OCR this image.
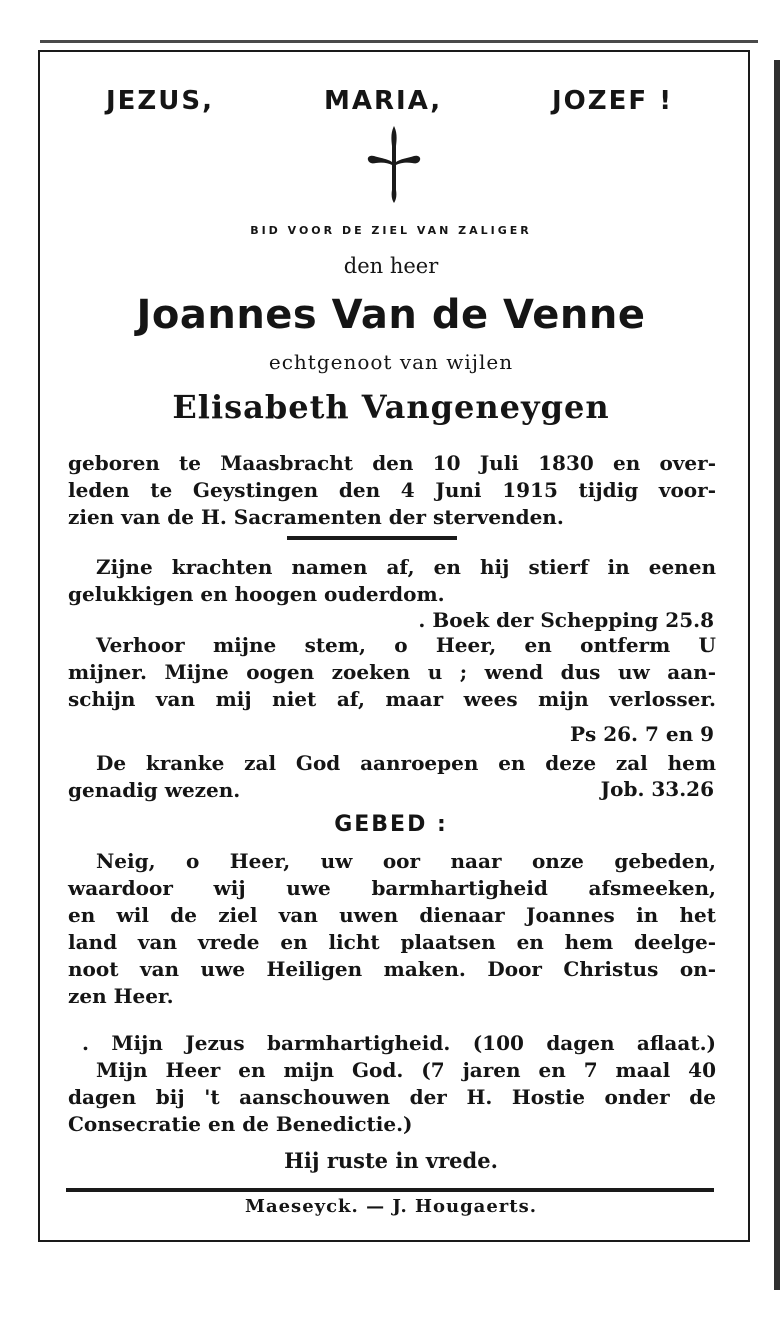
JEZUS,	MARIA,	JOZEF !
BID VOOR DE ZIEL VAN ZALIGER
den heer
Joannes Van de Venne
echtgenoot van wijlen
Elisabeth Vangeneygen
geboren te Maasbracht den 10 Juli 1830 en over-
leden te Geystingen den 4 Juni 1915 tijdig voor-
zien van de H. Sacramenten der stervenden.
Zijne krachten namen af, en hij stierf in eenen
gelukkigen en hoogen ouderdom.
. Boek der Schepping 25.8
Verhoor mijne stem, o Heer, en ontferm U
mijner. Mijne oogen zoeken u ; wend dus uw aan-
schijn van mij niet af, maar wees mijn verlosser.
Ps 26. 7 en 9
De kranke zal God aanroepen en deze zal hem
genadig wezen.	Job. 33.26
GEBED :
Neig, o Heer, uw oor naar onze gebeden,
waardoor wij uwe barmhartigheid afsmeeken,
en wil de ziel van uwen dienaar Joannes in het
land van vrede en licht plaatsen en hem deelge-
noot van uwe Heiligen maken. Door Christus on-
zen Heer.
. Mijn Jezus barmhartigheid. (100 dagen aflaat.)
Mijn Heer en mijn God. (7 jaren en 7 maal 40
dagen bij 't aanschouwen der H. Hostie onder de
Consecratie en de Benedictie.)
Hij ruste in vrede.
Maeseyck. — J. Hougaerts.
